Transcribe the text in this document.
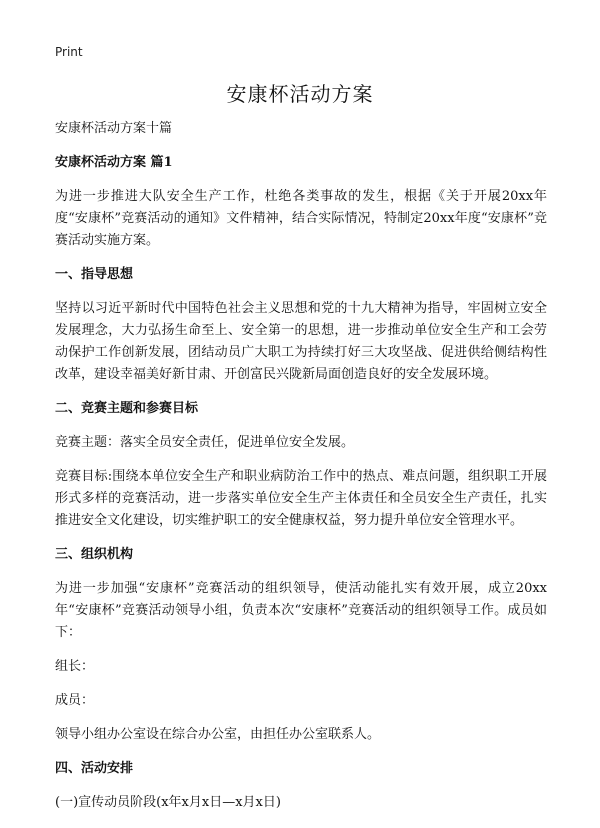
Print
安康杯活动方案

安康杯活动方案十篇

安康杯活动方案 篇1

为进一步推进大队安全生产工作，杜绝各类事故的发生，根据《关于开展20xx年度“安康杯”竞赛活动的通知》文件精神，结合实际情况，特制定20xx年度“安康杯”竞赛活动实施方案。

一、指导思想

坚持以习近平新时代中国特色社会主义思想和党的十九大精神为指导，牢固树立安全发展理念，大力弘扬生命至上、安全第一的思想，进一步推动单位安全生产和工会劳动保护工作创新发展，团结动员广大职工为持续打好三大攻坚战、促进供给侧结构性改革，建设幸福美好新甘肃、开创富民兴陇新局面创造良好的安全发展环境。

二、竞赛主题和参赛目标

竞赛主题：落实全员安全责任，促进单位安全发展。

竞赛目标:围绕本单位安全生产和职业病防治工作中的热点、难点问题，组织职工开展形式多样的竞赛活动，进一步落实单位安全生产主体责任和全员安全生产责任，扎实推进安全文化建设，切实维护职工的安全健康权益，努力提升单位安全管理水平。

三、组织机构

为进一步加强“安康杯”竞赛活动的组织领导，使活动能扎实有效开展，成立20xx年“安康杯”竞赛活动领导小组，负责本次“安康杯”竞赛活动的组织领导工作。成员如下：

组长：

成员：

领导小组办公室设在综合办公室，由担任办公室联系人。

四、活动安排

(一)宣传动员阶段(x年x月x日—x月x日)
